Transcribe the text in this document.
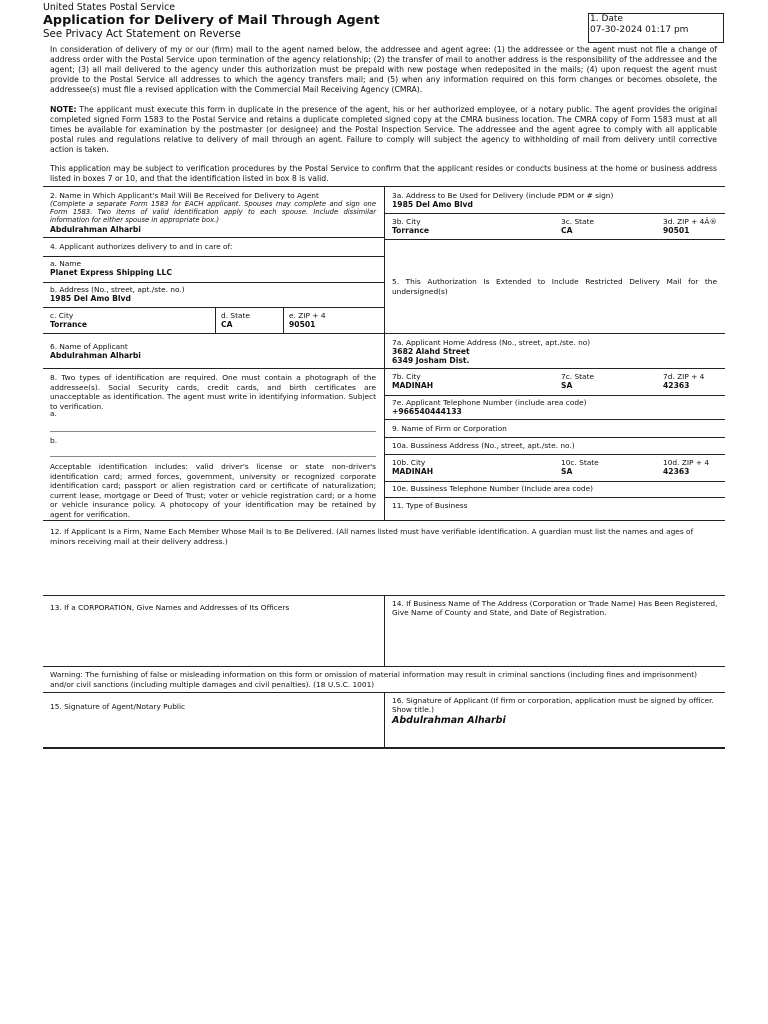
United States Postal Service
Application for Delivery of Mail Through Agent
See Privacy Act Statement on Reverse
1. Date
07-30-2024 01:17 pm
In consideration of delivery of my or our (firm) mail to the agent named below, the addressee and agent agree: (1) the addressee or the agent must not file a change of address order with the Postal Service upon termination of the agency relationship; (2) the transfer of mail to another address is the responsibility of the addressee and the agent; (3) all mail delivered to the agency under this authorization must be prepaid with new postage when redeposited in the mails; (4) upon request the agent must provide to the Postal Service all addresses to which the agency transfers mail; and (5) when any information required on this form changes or becomes obsolete, the addressee(s) must file a revised application with the Commercial Mail Receiving Agency (CMRA).
NOTE: The applicant must execute this form in duplicate in the presence of the agent, his or her authorized employee, or a notary public. The agent provides the original completed signed Form 1583 to the Postal Service and retains a duplicate completed signed copy at the CMRA business location. The CMRA copy of Form 1583 must at all times be available for examination by the postmaster (or designee) and the Postal Inspection Service. The addressee and the agent agree to comply with all applicable postal rules and regulations relative to delivery of mail through an agent. Failure to comply will subject the agency to withholding of mail from delivery until corrective action is taken.
This application may be subject to verification procedures by the Postal Service to confirm that the applicant resides or conducts business at the home or business address listed in boxes 7 or 10, and that the identification listed in box 8 is valid.
2. Name in Which Applicant's Mail Will Be Received for Delivery to Agent
(Complete a separate Form 1583 for EACH applicant. Spouses may complete and sign one Form 1583. Two items of valid identification apply to each spouse. Include dissimilar information for either spouse in appropriate box.)
Abdulrahman Alharbi
4. Applicant authorizes delivery to and in care of:
a. Name
Planet Express Shipping LLC
b. Address (No., street, apt./ste. no.)
1985 Del Amo Blvd
c. City
Torrance
d. State
CA
e. ZIP + 4
90501
6. Name of Applicant
Abdulrahman Alharbi
8. Two types of identification are required. One must contain a photograph of the addressee(s). Social Security cards, credit cards, and birth certificates are unacceptable as identification. The agent must write in identifying information. Subject to verification.
a.
b.
Acceptable identification includes: valid driver's license or state non-driver's identification card; armed forces, government, university or recognized corporate identification card; passport or alien registration card or certificate of naturalization; current lease, mortgage or Deed of Trust; voter or vehicle registration card; or a home or vehicle insurance policy. A photocopy of your identification may be retained by agent for verification.
3a. Address to Be Used for Delivery (include PDM or # sign)
1985 Del Amo Blvd
3b. City
Torrance
3c. State
CA
3d. ZIP + 4Â®
90501
5. This Authorization Is Extended to Include Restricted Delivery Mail for the undersigned(s)
7a. Applicant Home Address (No., street, apt./ste. no)
3682 Alahd Street
6349 Josham Dist.
7b. City
MADINAH
7c. State
SA
7d. ZIP + 4
42363
7e. Applicant Telephone Number (include area code)
+966540444133
9. Name of Firm or Corporation
10a. Bussiness Address (No., street, apt./ste. no.)
10b. City
MADINAH
10c. State
SA
10d. ZIP + 4
42363
10e. Bussiness Telephone Number (Include area code)
11. Type of Business
12. If Applicant Is a Firm, Name Each Member Whose Mail Is to Be Delivered. (All names listed must have verifiable identification. A guardian must list the names and ages of minors receiving mail at their delivery address.)
13. If a CORPORATION, Give Names and Addresses of Its Officers	14. If Business Name of The Address (Corporation or Trade Name) Has Been Registered, Give Name of County and State, and Date of Registration.
Warning: The furnishing of false or misleading information on this form or omission of material information may result in criminal sanctions (including fines and imprisonment) and/or civil sanctions (including multiple damages and civil penalties). (18 U.S.C. 1001)
15. Signature of Agent/Notary Public
16. Signature of Applicant (If firm or corporation, application must be signed by officer. Show title.)
Abdulrahman Alharbi
